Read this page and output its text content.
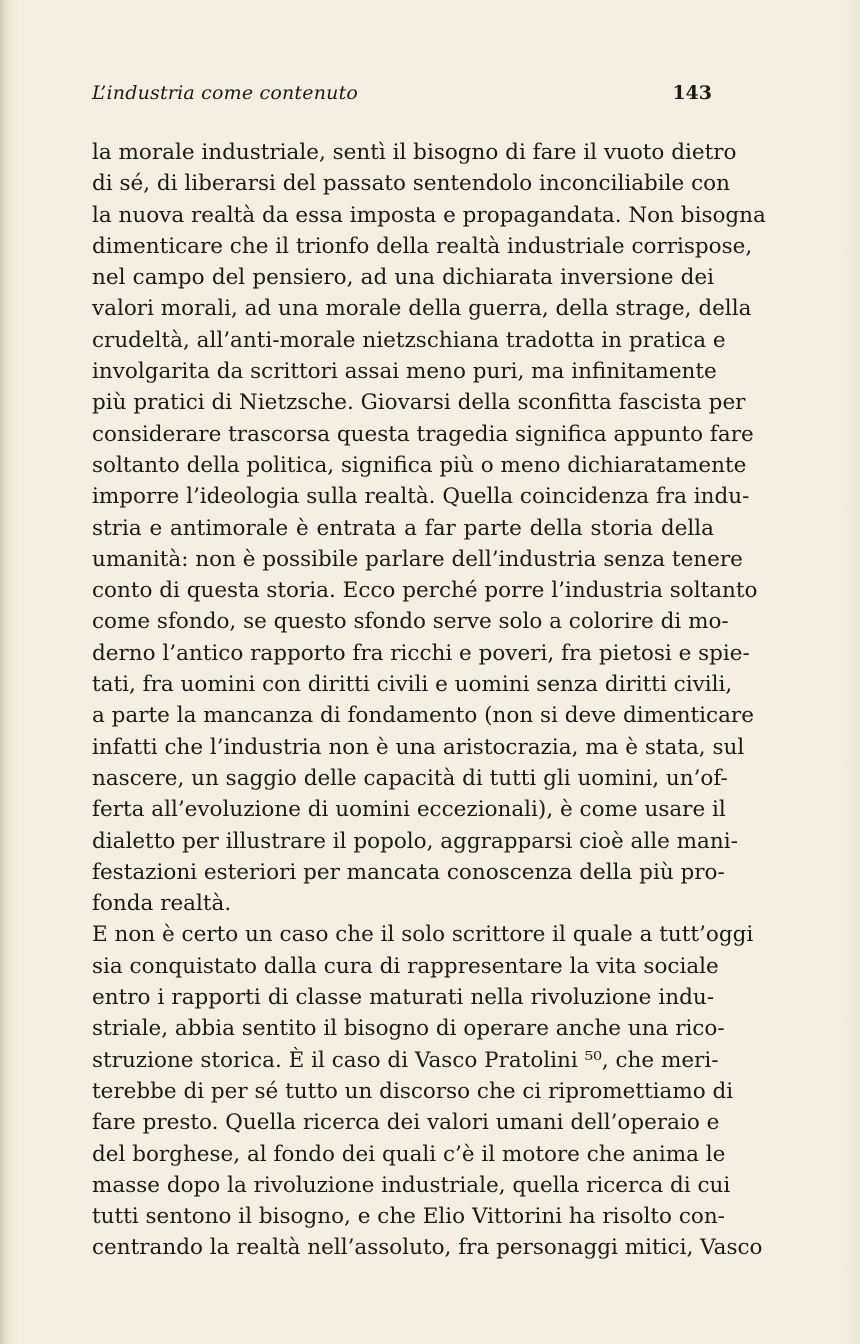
L’industria come contenuto	143
la morale industriale, sentì il bisogno di fare il vuoto dietro
di sé, di liberarsi del passato sentendolo inconciliabile con
la nuova realtà da essa imposta e propagandata. Non bisogna
dimenticare che il trionfo della realtà industriale corrispose,
nel campo del pensiero, ad una dichiarata inversione dei
valori morali, ad una morale della guerra, della strage, della
crudeltà, all’anti-morale nietzschiana tradotta in pratica e
involgarita da scrittori assai meno puri, ma infinitamente
più pratici di Nietzsche. Giovarsi della sconfitta fascista per
considerare trascorsa questa tragedia significa appunto fare
soltanto della politica, significa più o meno dichiaratamente
imporre l’ideologia sulla realtà. Quella coincidenza fra indu-
stria e antimorale è entrata a far parte della storia della
umanità: non è possibile parlare dell’industria senza tenere
conto di questa storia. Ecco perché porre l’industria soltanto
come sfondo, se questo sfondo serve solo a colorire di mo-
derno l’antico rapporto fra ricchi e poveri, fra pietosi e spie-
tati, fra uomini con diritti civili e uomini senza diritti civili,
a parte la mancanza di fondamento (non si deve dimenticare
infatti che l’industria non è una aristocrazia, ma è stata, sul
nascere, un saggio delle capacità di tutti gli uomini, un’of-
ferta all’evoluzione di uomini eccezionali), è come usare il
dialetto per illustrare il popolo, aggrapparsi cioè alle mani-
festazioni esteriori per mancata conoscenza della più pro-
fonda realtà.
E non è certo un caso che il solo scrittore il quale a tutt’oggi
sia conquistato dalla cura di rappresentare la vita sociale
entro i rapporti di classe maturati nella rivoluzione indu-
striale, abbia sentito il bisogno di operare anche una rico-
struzione storica. È il caso di Vasco Pratolini ⁵⁰, che meri-
terebbe di per sé tutto un discorso che ci ripromettiamo di
fare presto. Quella ricerca dei valori umani dell’operaio e
del borghese, al fondo dei quali c’è il motore che anima le
masse dopo la rivoluzione industriale, quella ricerca di cui
tutti sentono il bisogno, e che Elio Vittorini ha risolto con-
centrando la realtà nell’assoluto, fra personaggi mitici, Vasco
